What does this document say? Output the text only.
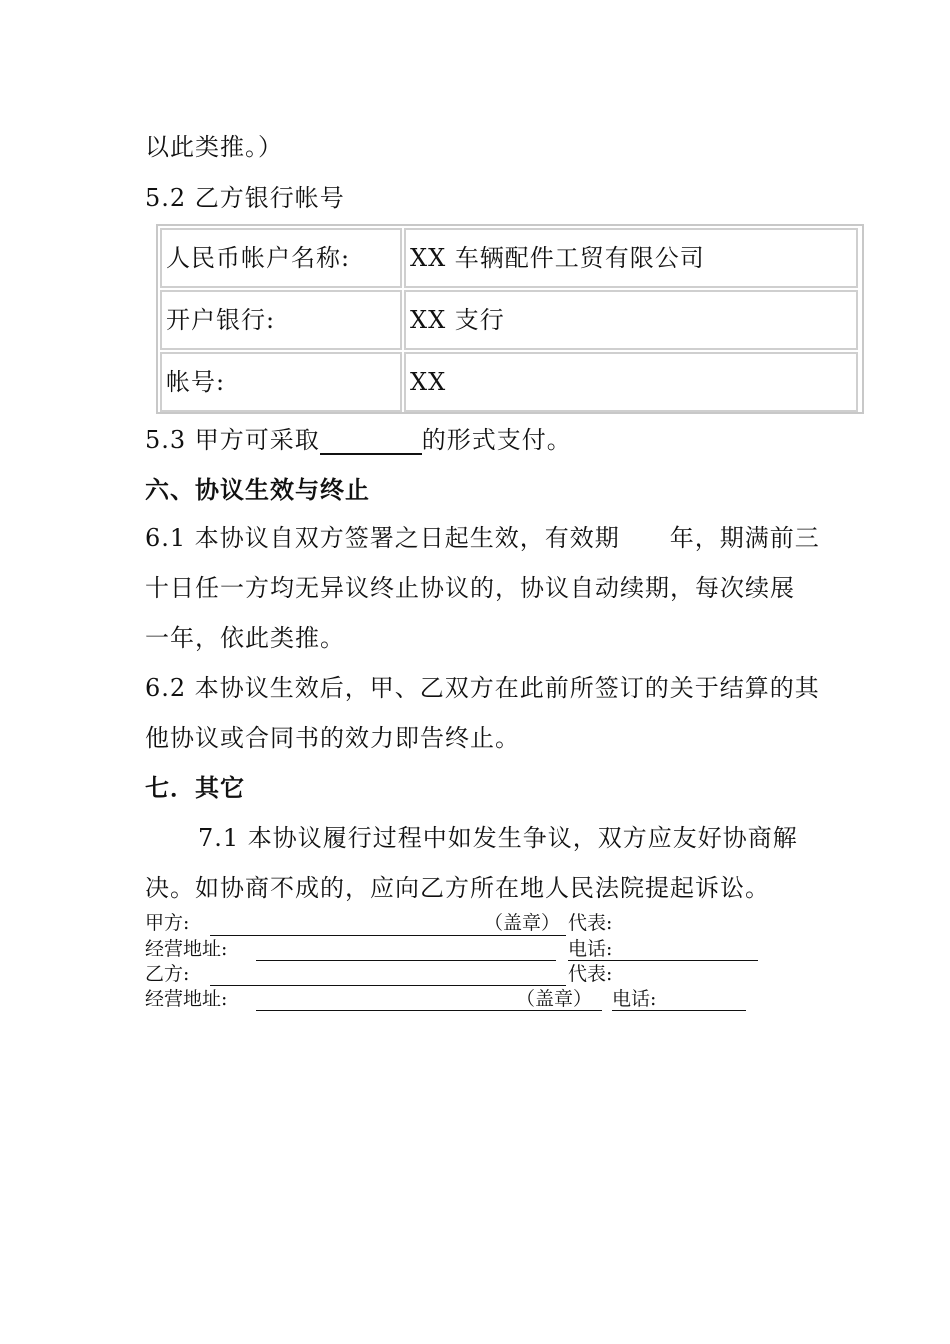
以此类推。）
5.2 乙方银行帐号
人民币帐户名称:	XX 车辆配件工贸有限公司
开户银行:	XX 支行
帐号:	XX
5.3 甲方可采取	的形式支付。
六、协议生效与终止
6.1 本协议自双方签署之日起生效，有效期　　年，期满前三
十日任一方均无异议终止协议的，协议自动续期，每次续展
一年，依此类推。
6.2 本协议生效后，甲、乙双方在此前所签订的关于结算的其
他协议或合同书的效力即告终止。
七．其它
7.1 本协议履行过程中如发生争议，双方应友好协商解
决。如协商不成的，应向乙方所在地人民法院提起诉讼。
甲方:	（盖章） 代表:
经营地址:	电话:
乙方:	代表:
经营地址:	（盖章） 电话:
